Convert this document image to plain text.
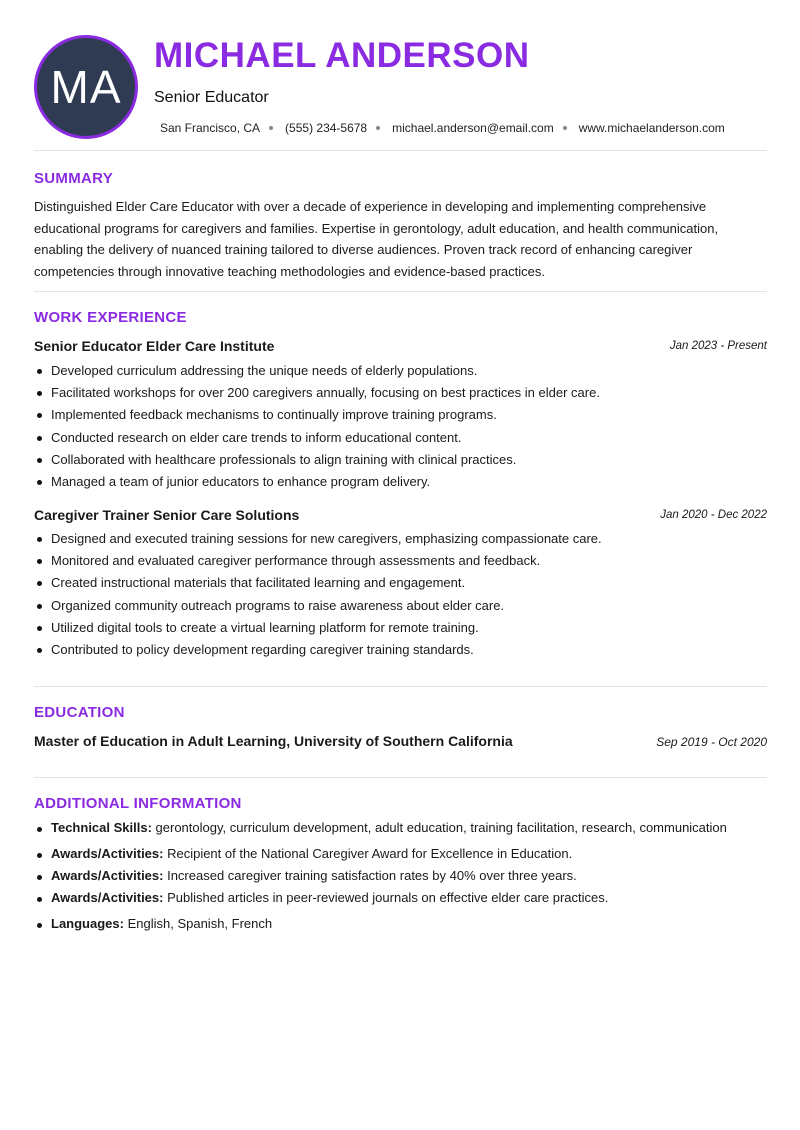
MA
MICHAEL ANDERSON
Senior Educator
San Francisco, CA (555) 234-5678 michael.anderson@email.com www.michaelanderson.com
SUMMARY

Distinguished Elder Care Educator with over a decade of experience in developing and implementing comprehensive educational programs for caregivers and families. Expertise in gerontology, adult education, and health communication, enabling the delivery of nuanced training tailored to diverse audiences. Proven track record of enhancing caregiver competencies through innovative teaching methodologies and evidence-based practices.

WORK EXPERIENCE
Senior Educator Elder Care Institute	Jan 2023 - Present
Developed curriculum addressing the unique needs of elderly populations.
Facilitated workshops for over 200 caregivers annually, focusing on best practices in elder care.
Implemented feedback mechanisms to continually improve training programs.
Conducted research on elder care trends to inform educational content.
Collaborated with healthcare professionals to align training with clinical practices.
Managed a team of junior educators to enhance program delivery.
Caregiver Trainer Senior Care Solutions	Jan 2020 - Dec 2022
Designed and executed training sessions for new caregivers, emphasizing compassionate care.
Monitored and evaluated caregiver performance through assessments and feedback.
Created instructional materials that facilitated learning and engagement.
Organized community outreach programs to raise awareness about elder care.
Utilized digital tools to create a virtual learning platform for remote training.
Contributed to policy development regarding caregiver training standards.
EDUCATION
Master of Education in Adult Learning, University of Southern California	Sep 2019 - Oct 2020
ADDITIONAL INFORMATION
Technical Skills: gerontology, curriculum development, adult education, training facilitation, research, communication
Awards/Activities: Recipient of the National Caregiver Award for Excellence in Education.
Awards/Activities: Increased caregiver training satisfaction rates by 40% over three years.
Awards/Activities: Published articles in peer-reviewed journals on effective elder care practices.
Languages: English, Spanish, French
